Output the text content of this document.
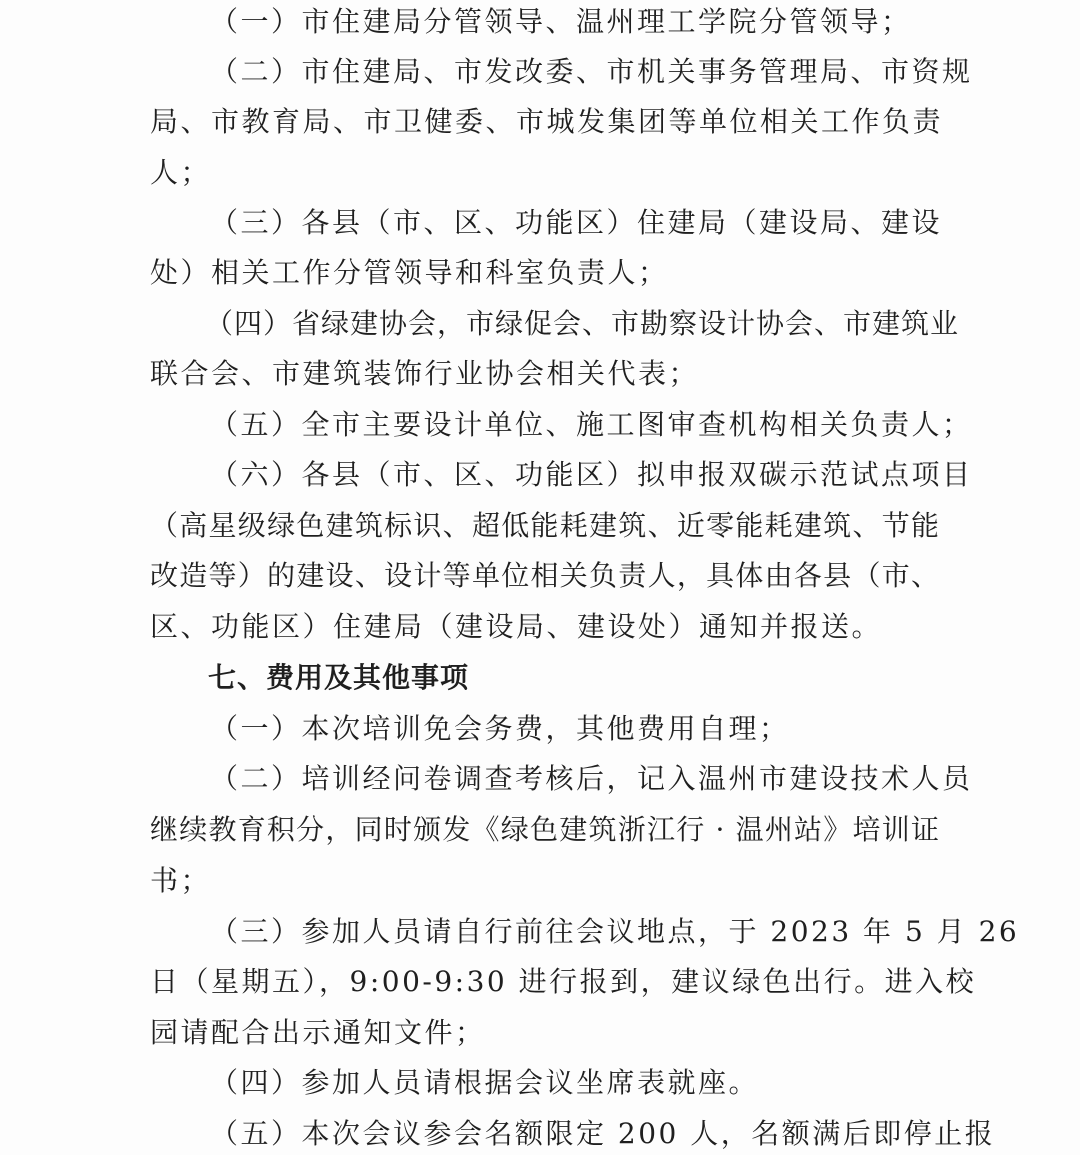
（一）市住建局分管领导、温州理工学院分管领导；
（二）市住建局、市发改委、市机关事务管理局、市资规
局、市教育局、市卫健委、市城发集团等单位相关工作负责
人；
（三）各县（市、区、功能区）住建局（建设局、建设
处）相关工作分管领导和科室负责人；
（四）省绿建协会，市绿促会、市勘察设计协会、市建筑业
联合会、市建筑装饰行业协会相关代表；
（五）全市主要设计单位、施工图审查机构相关负责人；
（六）各县（市、区、功能区）拟申报双碳示范试点项目
（高星级绿色建筑标识、超低能耗建筑、近零能耗建筑、节能
改造等）的建设、设计等单位相关负责人，具体由各县（市、
区、功能区）住建局（建设局、建设处）通知并报送。
七、费用及其他事项
（一）本次培训免会务费，其他费用自理；
（二）培训经问卷调查考核后，记入温州市建设技术人员
继续教育积分，同时颁发《绿色建筑浙江行 · 温州站》培训证
书；
（三）参加人员请自行前往会议地点，于 2023 年 5 月 26
日（星期五），9:00-9:30 进行报到，建议绿色出行。进入校
园请配合出示通知文件；
（四）参加人员请根据会议坐席表就座。
（五）本次会议参会名额限定 200 人，名额满后即停止报
